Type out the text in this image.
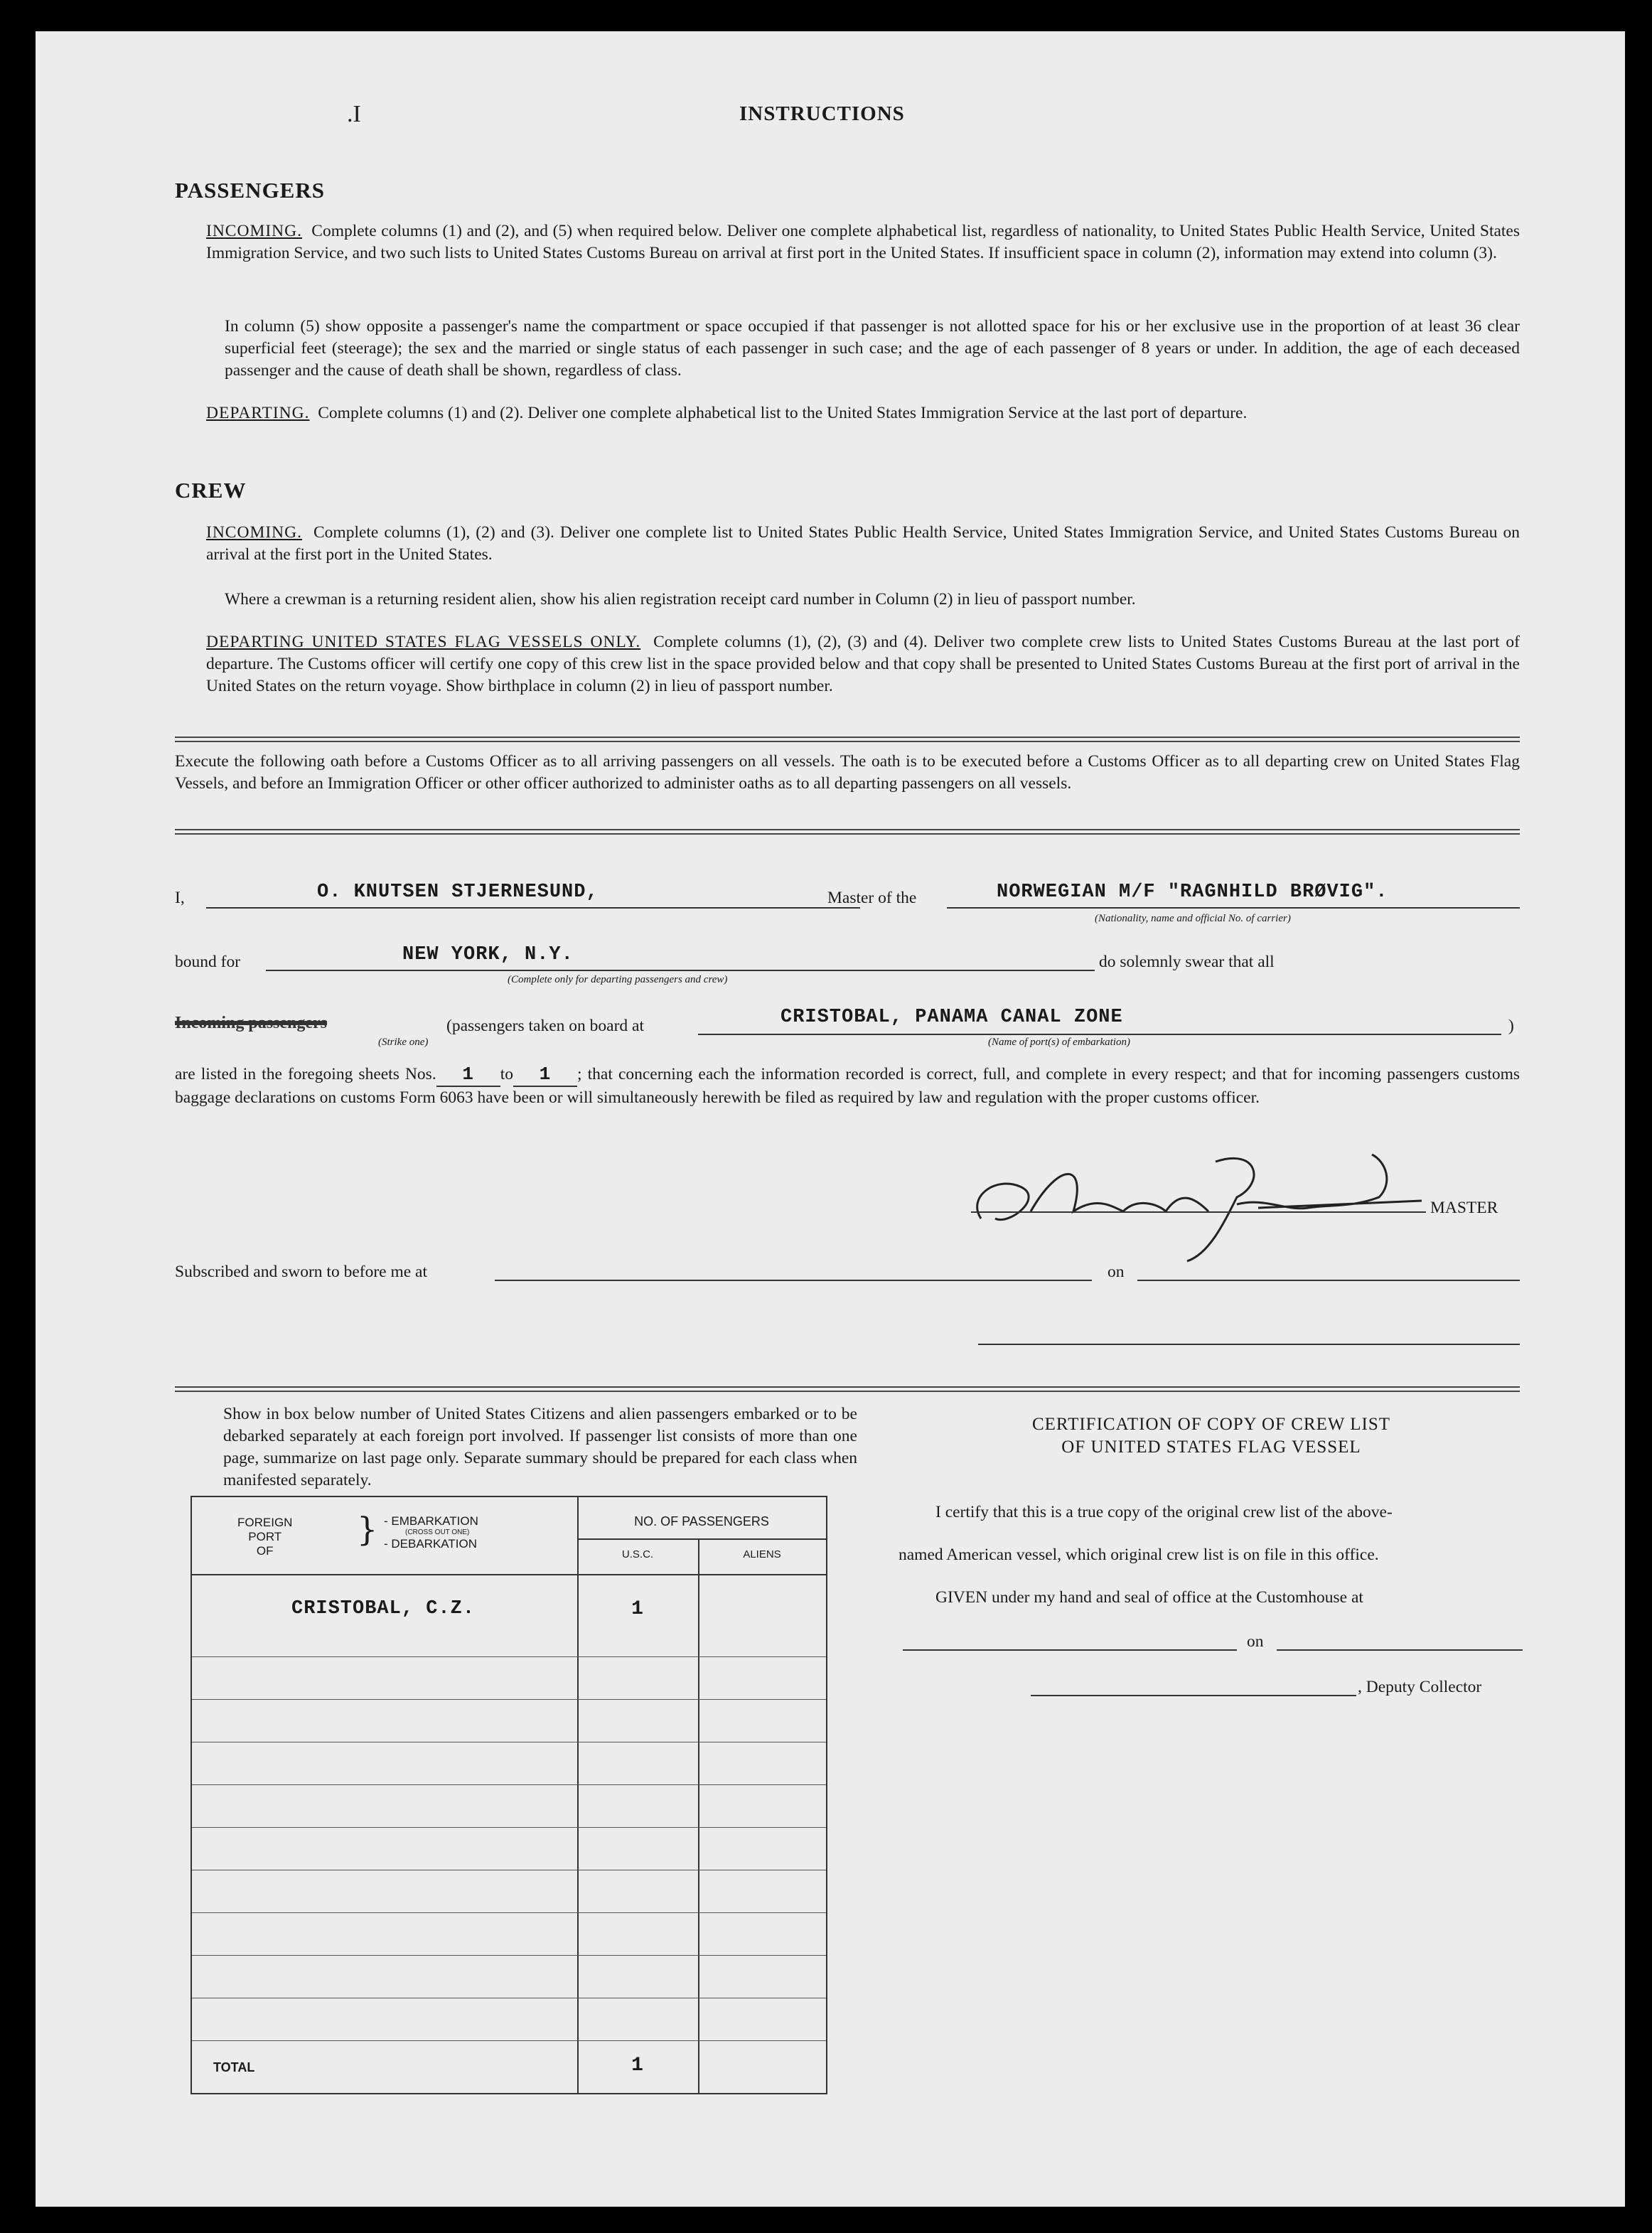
.I	INSTRUCTIONS
PASSENGERS
INCOMING. Complete columns (1) and (2), and (5) when required below. Deliver one complete alphabetical list, regardless of nationality, to United States Public Health Service, United States Immigration Service, and two such lists to United States Customs Bureau on arrival at first port in the United States. If insufficient space in column (2), information may extend into column (3).
In column (5) show opposite a passenger's name the compartment or space occupied if that passenger is not allotted space for his or her exclusive use in the proportion of at least 36 clear superficial feet (steerage); the sex and the married or single status of each passenger in such case; and the age of each passenger of 8 years or under. In addition, the age of each deceased passenger and the cause of death shall be shown, regardless of class.
DEPARTING. Complete columns (1) and (2). Deliver one complete alphabetical list to the United States Immigration Service at the last port of departure.
CREW
INCOMING. Complete columns (1), (2) and (3). Deliver one complete list to United States Public Health Service, United States Immigration Service, and United States Customs Bureau on arrival at the first port in the United States.
Where a crewman is a returning resident alien, show his alien registration receipt card number in Column (2) in lieu of passport number.
DEPARTING UNITED STATES FLAG VESSELS ONLY. Complete columns (1), (2), (3) and (4). Deliver two complete crew lists to United States Customs Bureau at the last port of departure. The Customs officer will certify one copy of this crew list in the space provided below and that copy shall be presented to United States Customs Bureau at the first port of arrival in the United States on the return voyage. Show birthplace in column (2) in lieu of passport number.
Execute the following oath before a Customs Officer as to all arriving passengers on all vessels. The oath is to be executed before a Customs Officer as to all departing crew on United States Flag Vessels, and before an Immigration Officer or other officer authorized to administer oaths as to all departing passengers on all vessels.
I,	O. KNUTSEN STJERNESUND,	Master of the	NORWEGIAN M/F "RAGNHILD BRØVIG".
(Nationality, name and official No. of carrier)
bound for	NEW YORK, N.Y.
(Complete only for departing passengers and crew)
do solemnly swear that all
Incoming passengers
(Strike one)
(passengers taken on board at	CRISTOBAL, PANAMA CANAL ZONE
(Name of port(s) of embarkation)
)
are listed in the foregoing sheets Nos. 1 to 1 ; that concerning each the information recorded is correct, full, and complete in every respect; and that for incoming passengers customs baggage declarations on customs Form 6063 have been or will simultaneously herewith be filed as required by law and regulation with the proper customs officer.
MASTER
Subscribed and sworn to before me at	on
Show in box below number of United States Citizens and alien passengers embarked or to be debarked separately at each foreign port involved. If passenger list consists of more than one page, summarize on last page only. Separate summary should be prepared for each class when manifested separately.
FOREIGN
PORT
OF
} - EMBARKATION
(CROSS OUT ONE)
- DEBARKATION
NO. OF PASSENGERS
U.S.C.	ALIENS
CRISTOBAL, C.Z.	1
TOTAL	1
CERTIFICATION OF COPY OF CREW LIST
OF UNITED STATES FLAG VESSEL
I certify that this is a true copy of the original crew list of the above-
named American vessel, which original crew list is on file in this office.
GIVEN under my hand and seal of office at the Customhouse at
on
, Deputy Collector
